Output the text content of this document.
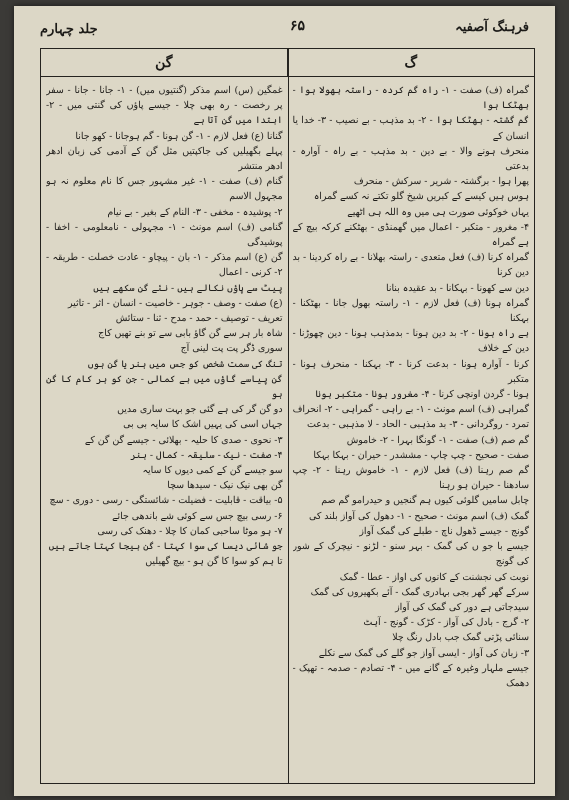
جلد چہارم	۶۵	فرہنگ آصفیہ
گن	گ

غمگین (س) اسم مذکر (گنتیوں میں) - ۱- جانا - جانا - سفر پر رخصت - رہ بھی چلا - جیسے پاؤں کی گنتی میں - ۲- ابتدا میں گن آتا ہے

گنانا (ع) فعل لازم - ۱- گن ہونا - گم ہوجانا - کھو جانا

پہلے بگھیلیں کی جاکپتیں مثل گن کے آدمی کی زبان ادھر ادھر منتشر

گنام (ف) صفت - ۱- غیر مشہور جس کا نام معلوم نہ ہو مجہول الاسم

۲- پوشیدہ - مخفی - ۳- النام کے بغیر - بے نیام

گنامی (ف) اسم مونث - ۱- مجہولی - نامعلومی - اخفا - پوشیدگی

گن (ع) اسم مذکر - ۱- بان - پیچاو - عادت خصلت - طریقہ - ۲- کرنی - اعمال

پیٹ سے پاؤں نکالے ہیں - نئے گن سکھے ہیں

(ع) صفت - وصف - جوہر - خاصیت - انسان - اثر - تاثیر

تعریف - توصیف - حمد - مدح - ثنا - ستائش

شاہ بار ہر سے گن گاؤ بابی سے تو بنے تھیں کاج

سوری ڈگر پت پت لینی آج

تنگ کی سمت شخص کو جس میں ہنر یا گن ہوں

گن پیاسے گاؤں میں بے کمالی - جن کو ہر کام کا گن ہو

دو گن گر کی ہے گئی جو بہت ساری مدیں

جہاں اسی کی یہیں اشک کا سایہ بی بی

۳- نحوی - صدی کا حلیہ - بھلائی - جیسے گن گن کے

۴- صفت - نیک - سلیقہ - کمال - ہنر

سو جیسے گن کے کمی دیوں کا سایہ

گن بھی نیک نیک - سیدھا سچا

۵- بیاقت - قابلیت - فضیلت - شائستگی - رسی - دوری - سچ

۶- رسی بیچ جس سے کوئی شے باندھی جائے

۷- ہو موٹا ساحبی کمان کا چلا - دھنک کی رسی

جو شائی دیسا کی سوا کہتا - گن بیجا کہتا جاتے ہیں

تا ہم کو سوا کا گن ہو - بیچ گھیلیں

گمراہ (ف) صفت - ۱- راہ گم کردہ - راستہ بھولا ہوا - بھٹکا ہوا

گم گشتہ - بھٹکا ہوا - ۲- بد مذہب - بے نصیب - ۳- خدا یا انسان کے

منحرف ہونے والا - بے دین - بد مذہب - بے راہ - آوارہ - بدعتی

پھرا ہوا - برگشتہ - شریر - سرکش - منحرف

ہوس ہیں کیسے کے کبریں شیخ گلو تکتے نہ کسے گمراہ

یہاں خوکوئی صورت ہی میں وہ اللہ ہی اٹھیے

۴- مغرور - متکبر - اعمال میں گھمنڈی - بھٹکنے کرکہ بیچ کے ہے گمراہ

گمراہ کرنا (ف) فعل متعدی - راستہ بھلانا - بے راہ کردینا - بد دین کرنا

دین سے کھونا - بہکانا - بد عقیدہ بنانا

گمراہ ہونا (ف) فعل لازم - ۱- راستہ بھول جانا - بھٹکنا - بہکنا

بے راہ ہونا - ۲- بد دین ہونا - بدمذہب ہونا - دین چھوڑنا - دین کے خلاف

کرنا - آوارہ ہونا - بدعت کرنا - ۳- بہکنا - منحرف ہونا - متکبر

ہونا - گردن اونچی کرنا - ۴- مغرور ہونا - متکبر ہونا

گمراہی (ف) اسم مونث - ۱- بے راہی - گمراہی - ۲- انحراف

تمرد - روگردانی - ۳- بد مذہبی - الحاد - لا مذہبی - بدعت

گم صم (ف) صفت - ۱- گونگا بہرا - ۲- خاموش

صفت - صحیح - چپ چاپ - مششدر - حیران - بہکا بہکا

گم صم رہنا (ف) فعل لازم - ۱- خاموش رہنا - ۲- چپ سادھنا - حیران ہو رہنا

چابل سامیں گلوئی کیوں ہم گنجیں و حیدرامو گم صم

گمک (ف) اسم مونث - صحیح - ۱- دھول کی آواز بلند کی

گونج - جیسے ڈھول ناچ - طبلے کی گمک آواز

جیسے با جو ں کی گمک - بہر سنو - لڑنو - نیچرک کے شور کی گونج

نوبت کی نجشنت کے کانوں کی اواز - عطا - گمک

سرکے گھر گھر بجی بہادری گمک - آئے بکھیروں کی گمک

سیدجاتی ہے دور کی گمک کی آواز

۲- گرج - بادل کی آواز - کڑک - گونج - آہٹ

سنائی پڑتی گمک جب بادل رنگ چلا

۳- زبان کی آواز - ایسی آواز جو گلے کی گمک سے نکلے

جیسے ملہار وغیرہ کے گانے میں - ۴- تصادم - صدمہ - تھپک - دھمک
